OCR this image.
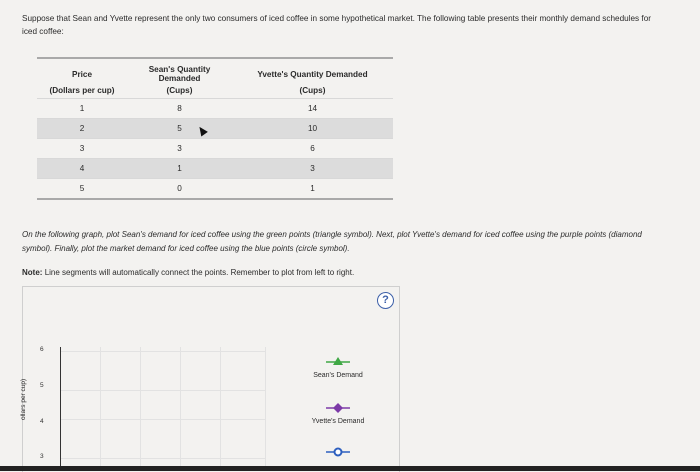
Suppose that Sean and Yvette represent the only two consumers of iced coffee in some hypothetical market. The following table presents their monthly demand schedules for iced coffee:
Price	Sean's Quantity Demanded	Yvette's Quantity Demanded
(Dollars per cup)	(Cups)	(Cups)
1	8	14
2	5	10
3	3	6
4	1	3
5	0	1
On the following graph, plot Sean's demand for iced coffee using the green points (triangle symbol). Next, plot Yvette's demand for iced coffee using the purple points (diamond symbol). Finally, plot the market demand for iced coffee using the blue points (circle symbol).
Note: Line segments will automatically connect the points. Remember to plot from left to right.
?
6
5
4
3
ollars per cup)
Sean's Demand
Yvette's Demand
